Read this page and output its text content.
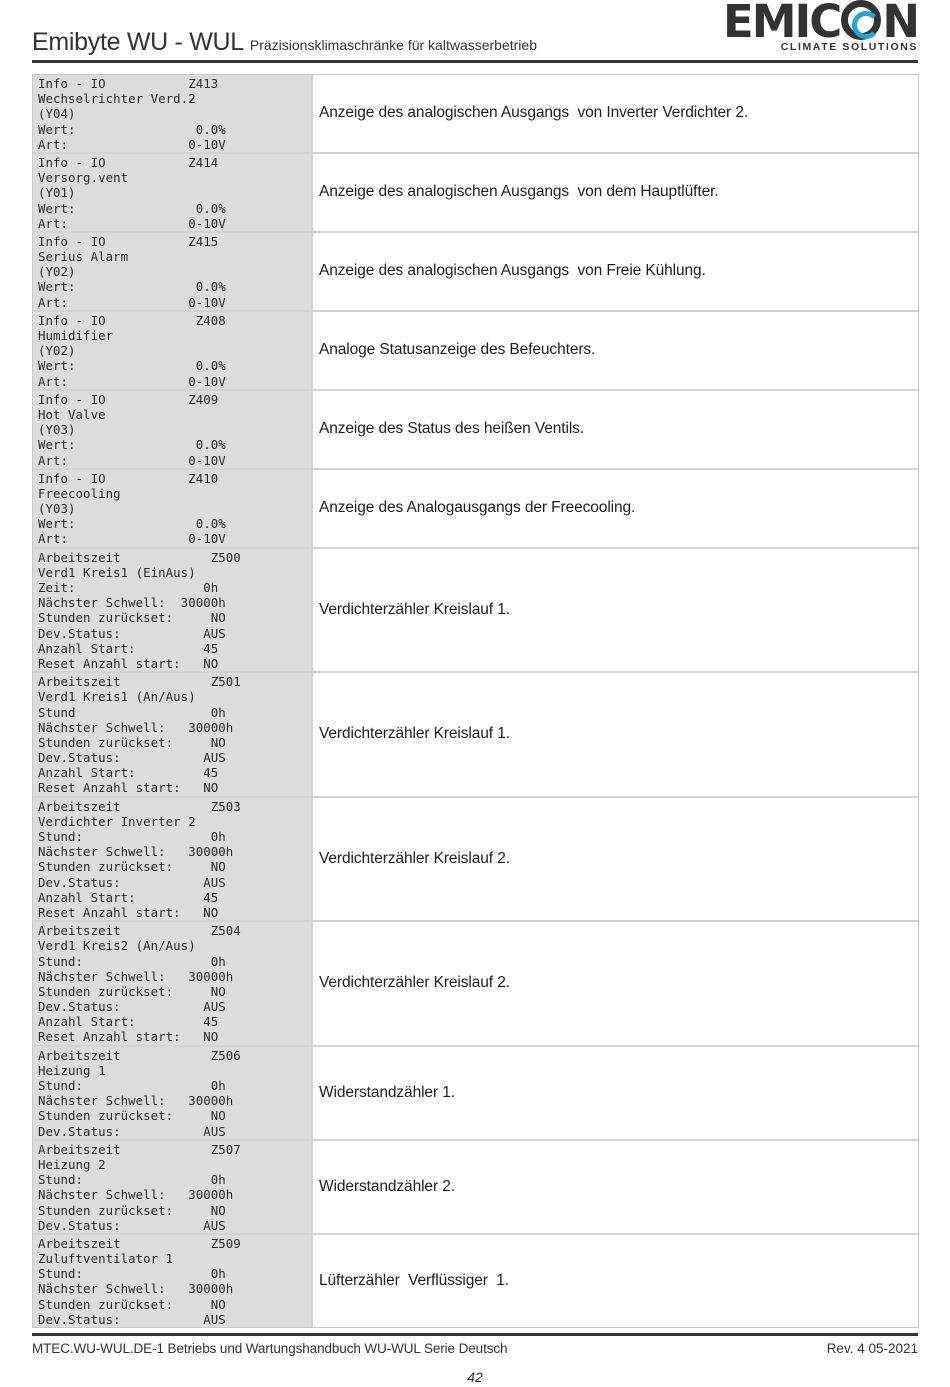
Emibyte WU - WUL Präzisionsklimaschränke für kaltwasserbetrieb	EMIC N
CLIMATE SOLUTIONS
Info - IO           Z413
Wechselrichter Verd.2
(Y04)
Wert:                0.0%
Art:                0-10V
Anzeige des analogischen Ausgangs  von Inverter Verdichter 2.
Info - IO           Z414
Versorg.vent
(Y01)
Wert:                0.0%
Art:                0-10V
Anzeige des analogischen Ausgangs  von dem Hauptlüfter.
Info - IO           Z415
Serius Alarm
(Y02)
Wert:                0.0%
Art:                0-10V
Anzeige des analogischen Ausgangs  von Freie Kühlung.
Info - IO            Z408
Humidifier
(Y02)
Wert:                0.0%
Art:                0-10V
Analoge Statusanzeige des Befeuchters.
Info - IO           Z409
Hot Valve
(Y03)
Wert:                0.0%
Art:                0-10V
Anzeige des Status des heißen Ventils.
Info - IO           Z410
Freecooling
(Y03)
Wert:                0.0%
Art:                0-10V
Anzeige des Analogausgangs der Freecooling.
Arbeitszeit            Z500
Verd1 Kreis1 (EinAus)
Zeit:                 0h
Nächster Schwell:  30000h
Stunden zurückset:     NO
Dev.Status:           AUS
Anzahl Start:         45
Reset Anzahl start:   NO
Verdichterzähler Kreislauf 1.
Arbeitszeit            Z501
Verd1 Kreis1 (An/Aus)
Stund                  0h
Nächster Schwell:   30000h
Stunden zurückset:     NO
Dev.Status:           AUS
Anzahl Start:         45
Reset Anzahl start:   NO
Verdichterzähler Kreislauf 1.
Arbeitszeit            Z503
Verdichter Inverter 2
Stund:                 0h
Nächster Schwell:   30000h
Stunden zurückset:     NO
Dev.Status:           AUS
Anzahl Start:         45
Reset Anzahl start:   NO
Verdichterzähler Kreislauf 2.
Arbeitszeit            Z504
Verd1 Kreis2 (An/Aus)
Stund:                 0h
Nächster Schwell:   30000h
Stunden zurückset:     NO
Dev.Status:           AUS
Anzahl Start:         45
Reset Anzahl start:   NO
Verdichterzähler Kreislauf 2.
Arbeitszeit            Z506
Heizung 1
Stund:                 0h
Nächster Schwell:   30000h
Stunden zurückset:     NO
Dev.Status:           AUS
Widerstandzähler 1.
Arbeitszeit            Z507
Heizung 2
Stund:                 0h
Nächster Schwell:   30000h
Stunden zurückset:     NO
Dev.Status:           AUS
Widerstandzähler 2.
Arbeitszeit            Z509
Zuluftventilator 1
Stund:                 0h
Nächster Schwell:   30000h
Stunden zurückset:     NO
Dev.Status:           AUS
Lüfterzähler  Verflüssiger  1.
MTEC.WU-WUL.DE-1 Betriebs und Wartungshandbuch WU-WUL Serie Deutsch	Rev. 4 05-2021
42
